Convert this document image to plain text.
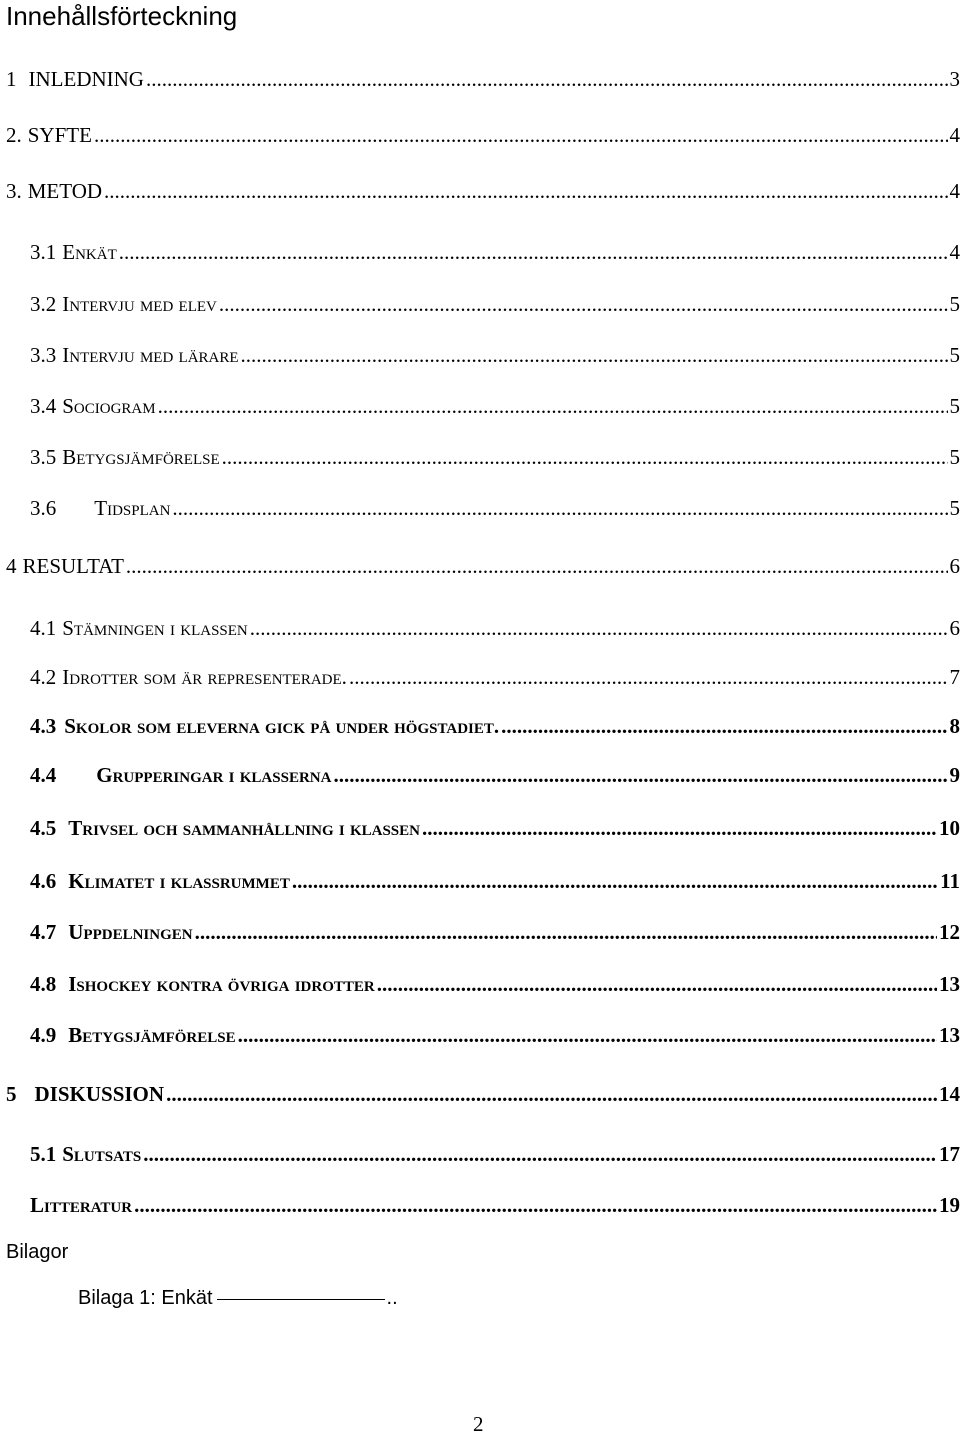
Innehållsförteckning
1 INLEDNING .....	3
2. SYFTE .....	4
3. METOD .....	4
3.1 Enkät .....	4
3.2 Intervju med elev .....	5
3.3 Intervju med lärare .....	5
3.4 Sociogram .....	5
3.5 Betygsjämförelse .....	5
3.6 Tidsplan .....	5
4 RESULTAT .....	6
4.1 Stämningen i klassen .....	6
4.2 Idrotter som är representerade. .....	7
4.3 Skolor som eleverna gick på under högstadiet. .....	8
4.4 Grupperingar i klasserna .....	9
4.5 Trivsel och sammanhållning i klassen .....	10
4.6 Klimatet i klassrummet .....	11
4.7 Uppdelningen .....	12
4.8 Ishockey kontra övriga idrotter .....	13
4.9 Betygsjämförelse .....	13
5 DISKUSSION .....	14
5.1 Slutsats .....	17
Litteratur .....	19
Bilagor
Bilaga 1: Enkät	..
2
